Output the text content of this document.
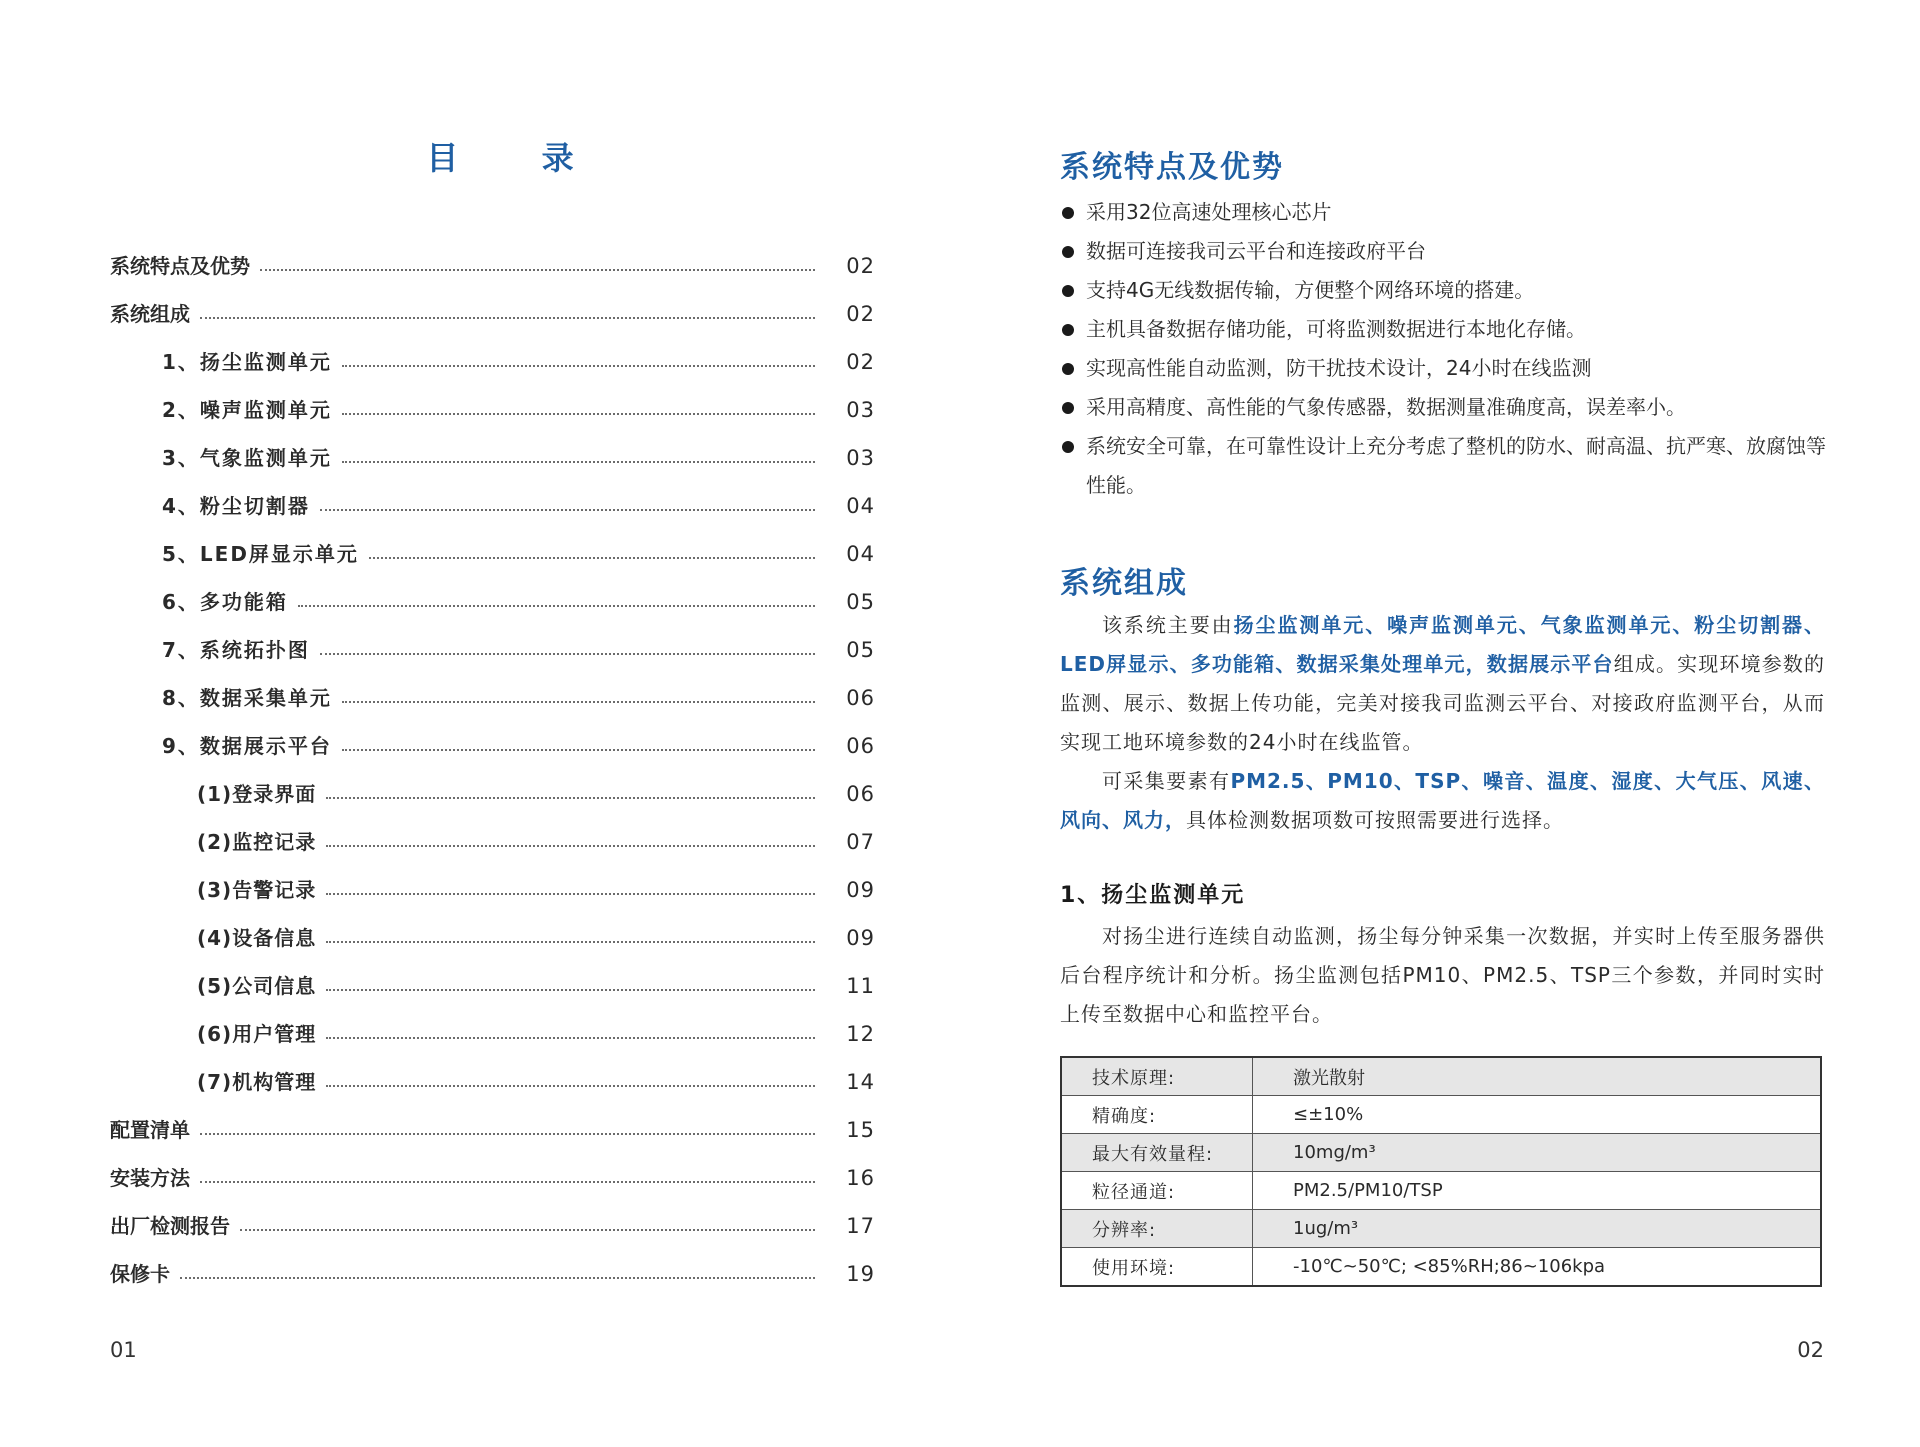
目 录
系统特点及优势	02
系统组成	02
1、扬尘监测单元	02
2、噪声监测单元	03
3、气象监测单元	03
4、粉尘切割器	04
5、LED屏显示单元	04
6、多功能箱	05
7、系统拓扑图	05
8、数据采集单元	06
9、数据展示平台	06
(1)登录界面	06
(2)监控记录	07
(3)告警记录	09
(4)设备信息	09
(5)公司信息	11
(6)用户管理	12
(7)机构管理	14
配置清单	15
安装方法	16
出厂检测报告	17
保修卡	19
01
系统特点及优势
采用32位高速处理核心芯片
数据可连接我司云平台和连接政府平台
支持4G无线数据传输，方便整个网络环境的搭建。
主机具备数据存储功能，可将监测数据进行本地化存储。
实现高性能自动监测，防干扰技术设计，24小时在线监测
采用高精度、高性能的气象传感器，数据测量准确度高，误差率小。
系统安全可靠，在可靠性设计上充分考虑了整机的防水、耐高温、抗严寒、放腐蚀等性能。
系统组成

该系统主要由扬尘监测单元、噪声监测单元、气象监测单元、粉尘切割器、LED屏显示、多功能箱、数据采集处理单元，数据展示平台组成。实现环境参数的监测、展示、数据上传功能，完美对接我司监测云平台、对接政府监测平台，从而实现工地环境参数的24小时在线监管。

可采集要素有PM2.5、PM10、TSP、噪音、温度、湿度、大气压、风速、风向、风力，具体检测数据项数可按照需要进行选择。

1、扬尘监测单元

对扬尘进行连续自动监测，扬尘每分钟采集一次数据，并实时上传至服务器供后台程序统计和分析。扬尘监测包括PM10、PM2.5、TSP三个参数，并同时实时上传至数据中心和监控平台。

技术原理:	激光散射
精确度:	≤±10%
最大有效量程:	10mg/m³
粒径通道:	PM2.5/PM10/TSP
分辨率:	1ug/m³
使用环境:	-10℃~50℃; <85%RH;86~106kpa
02
